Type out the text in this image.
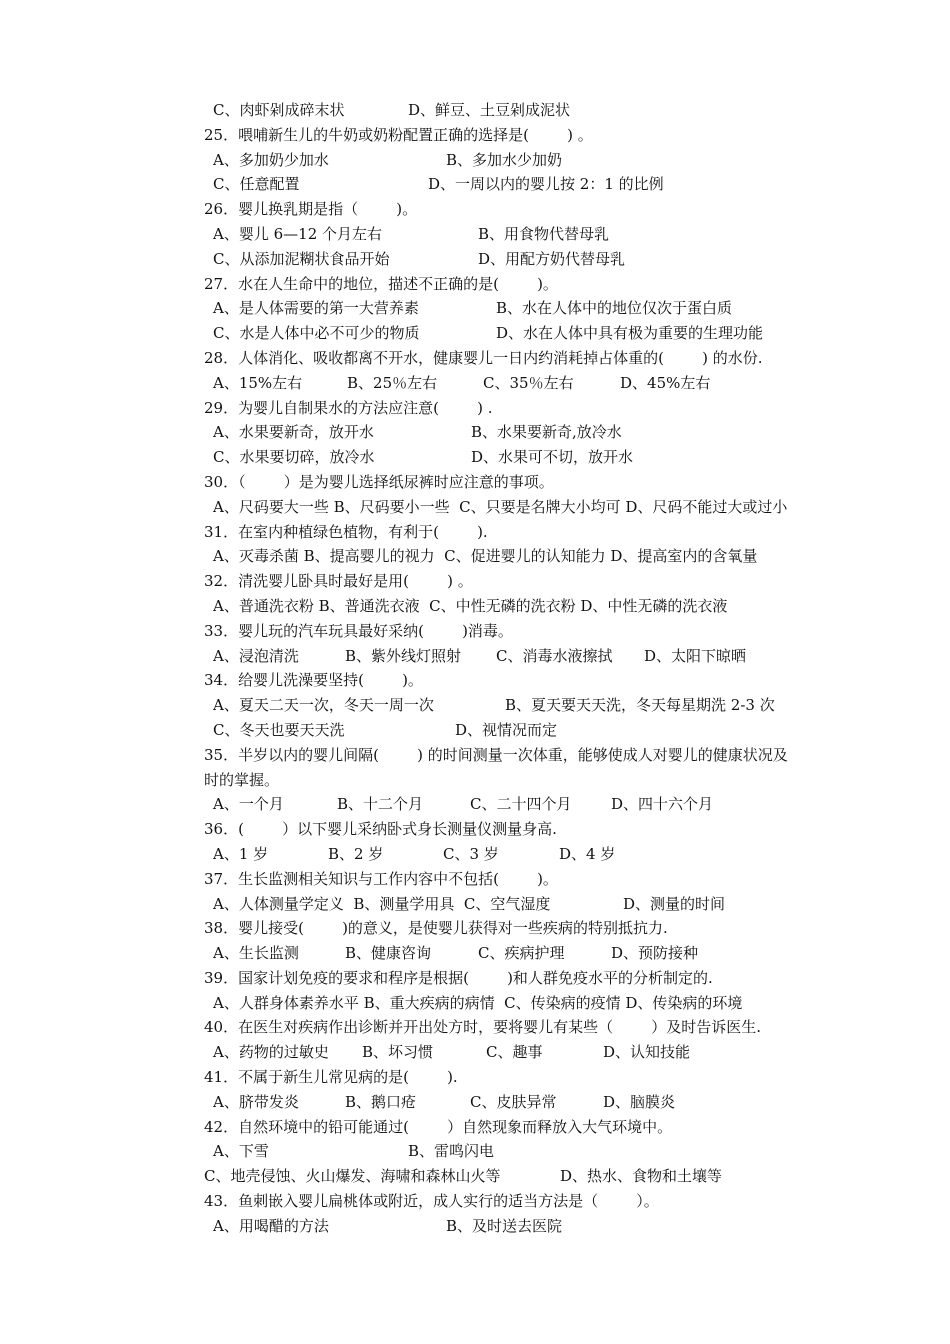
C、肉虾剁成碎末状	D、鲜豆、土豆剁成泥状
25．喂哺新生儿的牛奶或奶粉配置正确的选择是(        ) 。
A、多加奶少加水	B、多加水少加奶
C、任意配置	D、一周以内的婴儿按 2：1 的比例
26．婴儿换乳期是指（        )。
A、婴儿 6—12 个月左右	B、用食物代替母乳
C、从添加泥糊状食品开始	D、用配方奶代替母乳
27．水在人生命中的地位，描述不正确的是(        )。
A、是人体需要的第一大营养素	B、水在人体中的地位仅次于蛋白质
C、水是人体中必不可少的物质	D、水在人体中具有极为重要的生理功能
28．人体消化、吸收都离不开水，健康婴儿一日内约消耗掉占体重的(        ) 的水份.
A、15%左右	B、25％左右	C、35％左右	D、45%左右
29．为婴儿自制果水的方法应注意(        ) .
A、水果要新奇，放开水	B、水果要新奇,放冷水
C、水果要切碎，放冷水	D、水果可不切，放开水
30．（        ）是为婴儿选择纸尿裤时应注意的事项。
A、尺码要大一些 B、尺码要小一些  C、只要是名牌大小均可 D、尺码不能过大或过小
31．在室内种植绿色植物，有利于(        ).
A、灭毒杀菌 B、提高婴儿的视力  C、促进婴儿的认知能力 D、提高室内的含氧量
32．清洗婴儿卧具时最好是用(        ) 。
A、普通洗衣粉 B、普通洗衣液  C、中性无磷的洗衣粉 D、中性无磷的洗衣液
33．婴儿玩的汽车玩具最好采纳(        )消毒。
A、浸泡清洗	B、紫外线灯照射 C、消毒水液擦拭 D、太阳下晾晒
34．给婴儿洗澡要坚持(        )。
A、夏天二天一次，冬天一周一次	B、夏天要天天洗，冬天每星期洗 2-3 次
C、冬天也要天天洗	D、视情况而定
35．半岁以内的婴儿间隔(        ) 的时间测量一次体重，能够使成人对婴儿的健康状况及
时的掌握。
A、一个月	B、十二个月	C、二十四个月	D、四十六个月
36．(        ）以下婴儿采纳卧式身长测量仪测量身高.
A、1 岁	B、2 岁	C、3 岁	D、4 岁
37．生长监测相关知识与工作内容中不包括(        )。
A、人体测量学定义  B、测量学用具  C、空气湿度	D、测量的时间
38．婴儿接受(        )的意义，是使婴儿获得对一些疾病的特别抵抗力.
A、生长监测	B、健康咨询	C、疾病护理	D、预防接种
39．国家计划免疫的要求和程序是根据(        )和人群免疫水平的分析制定的.
A、人群身体素养水平 B、重大疾病的病情  C、传染病的疫情 D、传染病的环境
40．在医生对疾病作出诊断并开出处方时，要将婴儿有某些（        ）及时告诉医生.
A、药物的过敏史 B、坏习惯	C、趣事	D、认知技能
41．不属于新生儿常见病的是(        ).
A、脐带发炎	B、鹅口疮	C、皮肤异常	D、脑膜炎
42．自然环境中的铅可能通过(        ）自然现象而释放入大气环境中。
A、下雪	B、雷鸣闪电
C、地壳侵蚀、火山爆发、海啸和森林山火等	D、热水、食物和土壤等
43．鱼刺嵌入婴儿扁桃体或附近，成人实行的适当方法是（        ）。
A、用喝醋的方法	B、及时送去医院
